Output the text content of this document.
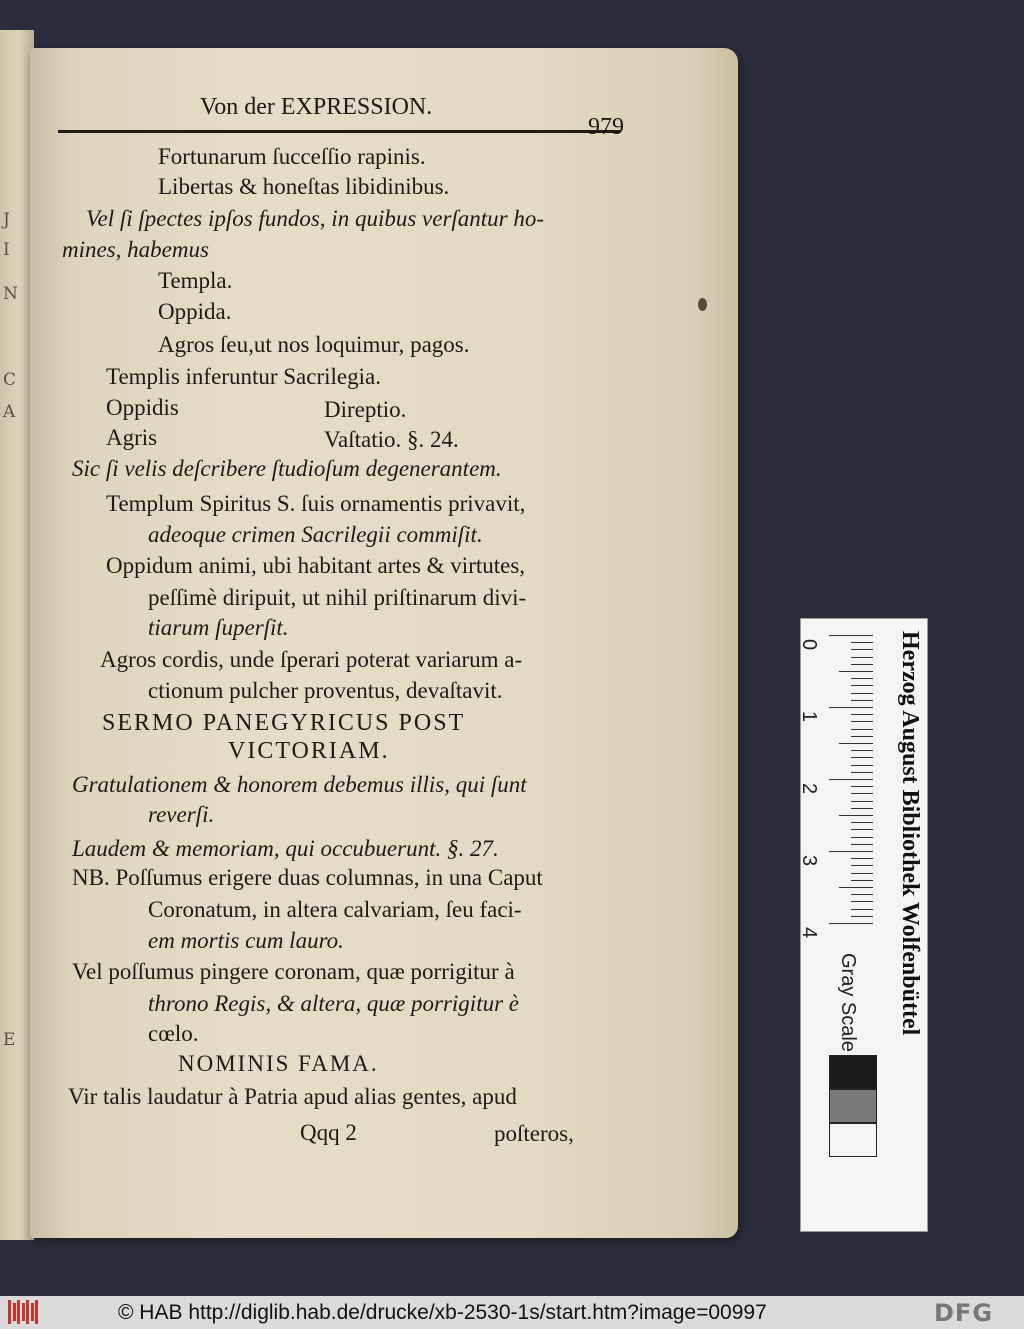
J
I
N
C
A
E
Von der EXPRESSION.
979
Fortunarum ſucceſſio rapinis.
Libertas & honeſtas libidinibus.
Vel ſi ſpectes ipſos fundos, in quibus verſantur ho-
mines, habemus
Templa.
Oppida.
Agros ſeu,ut nos loquimur, pagos.
Templis inferuntur Sacrilegia.
Oppidis	Direptio.
Agris	Vaſtatio. §. 24.
Sic ſi velis deſcribere ſtudioſum degenerantem.
Templum Spiritus S. ſuis ornamentis privavit,
adeoque crimen Sacrilegii commiſit.
Oppidum animi, ubi habitant artes & virtutes,
peſſimè diripuit, ut nihil priſtinarum divi-
tiarum ſuperſit.
Agros cordis, unde ſperari poterat variarum a-
ctionum pulcher proventus, devaſtavit.
SERMO PANEGYRICUS POST
VICTORIAM.
Gratulationem & honorem debemus illis, qui ſunt
reverſi.
Laudem & memoriam, qui occubuerunt. §. 27.
NB. Poſſumus erigere duas columnas, in una Caput
Coronatum, in altera calvariam, ſeu faci-
em mortis cum lauro.
Vel poſſumus pingere coronam, quæ porrigitur à
throno Regis, & altera, quæ porrigitur è
cœlo.
NOMINIS FAMA.
Vir talis laudatur à Patria apud alias gentes, apud
Qqq 2	poſteros,
0
1
2
3
4	Herzog August Bibliothek Wolfenbüttel
Gray Scale
© HAB http://diglib.hab.de/drucke/xb-2530-1s/start.htm?image=00997	DFG
